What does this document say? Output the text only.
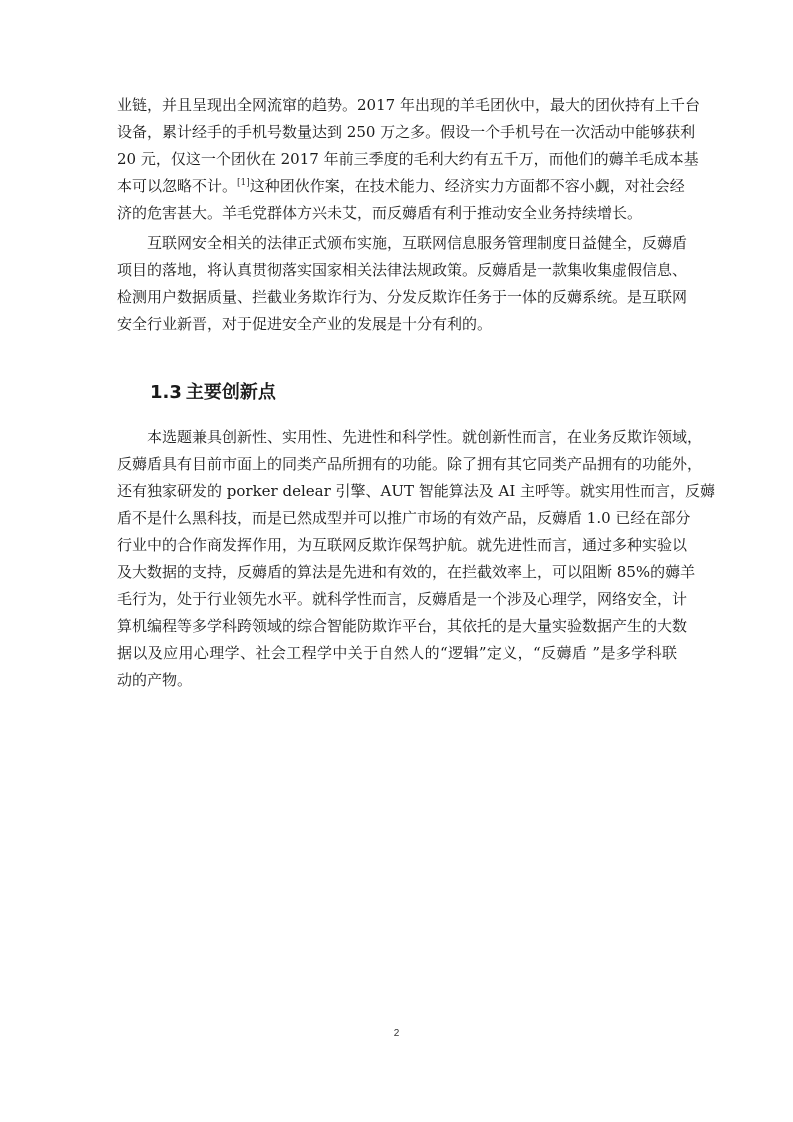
业链，并且呈现出全网流窜的趋势。2017 年出现的羊毛团伙中，最大的团伙持有上千台
设备，累计经手的手机号数量达到 250 万之多。假设一个手机号在一次活动中能够获利
20 元，仅这一个团伙在 2017 年前三季度的毛利大约有五千万，而他们的薅羊毛成本基
本可以忽略不计。[1]这种团伙作案，在技术能力、经济实力方面都不容小觑，对社会经
济的危害甚大。羊毛党群体方兴未艾，而反薅盾有利于推动安全业务持续增长。
互联网安全相关的法律正式颁布实施，互联网信息服务管理制度日益健全，反薅盾
项目的落地，将认真贯彻落实国家相关法律法规政策。反薅盾是一款集收集虚假信息、
检测用户数据质量、拦截业务欺诈行为、分发反欺诈任务于一体的反薅系统。是互联网
安全行业新晋，对于促进安全产业的发展是十分有利的。
1.3 主要创新点
本选题兼具创新性、实用性、先进性和科学性。就创新性而言，在业务反欺诈领域，
反薅盾具有目前市面上的同类产品所拥有的功能。除了拥有其它同类产品拥有的功能外，
还有独家研发的 porker delear 引擎、AUT 智能算法及 AI 主呼等。就实用性而言，反薅
盾不是什么黑科技，而是已然成型并可以推广市场的有效产品，反薅盾 1.0 已经在部分
行业中的合作商发挥作用，为互联网反欺诈保驾护航。就先进性而言，通过多种实验以
及大数据的支持，反薅盾的算法是先进和有效的，在拦截效率上，可以阻断 85%的薅羊
毛行为，处于行业领先水平。就科学性而言，反薅盾是一个涉及心理学，网络安全，计
算机编程等多学科跨领域的综合智能防欺诈平台，其依托的是大量实验数据产生的大数
据以及应用心理学、社会工程学中关于自然人的“逻辑”定义，“反薅盾 ”是多学科联
动的产物。
2
